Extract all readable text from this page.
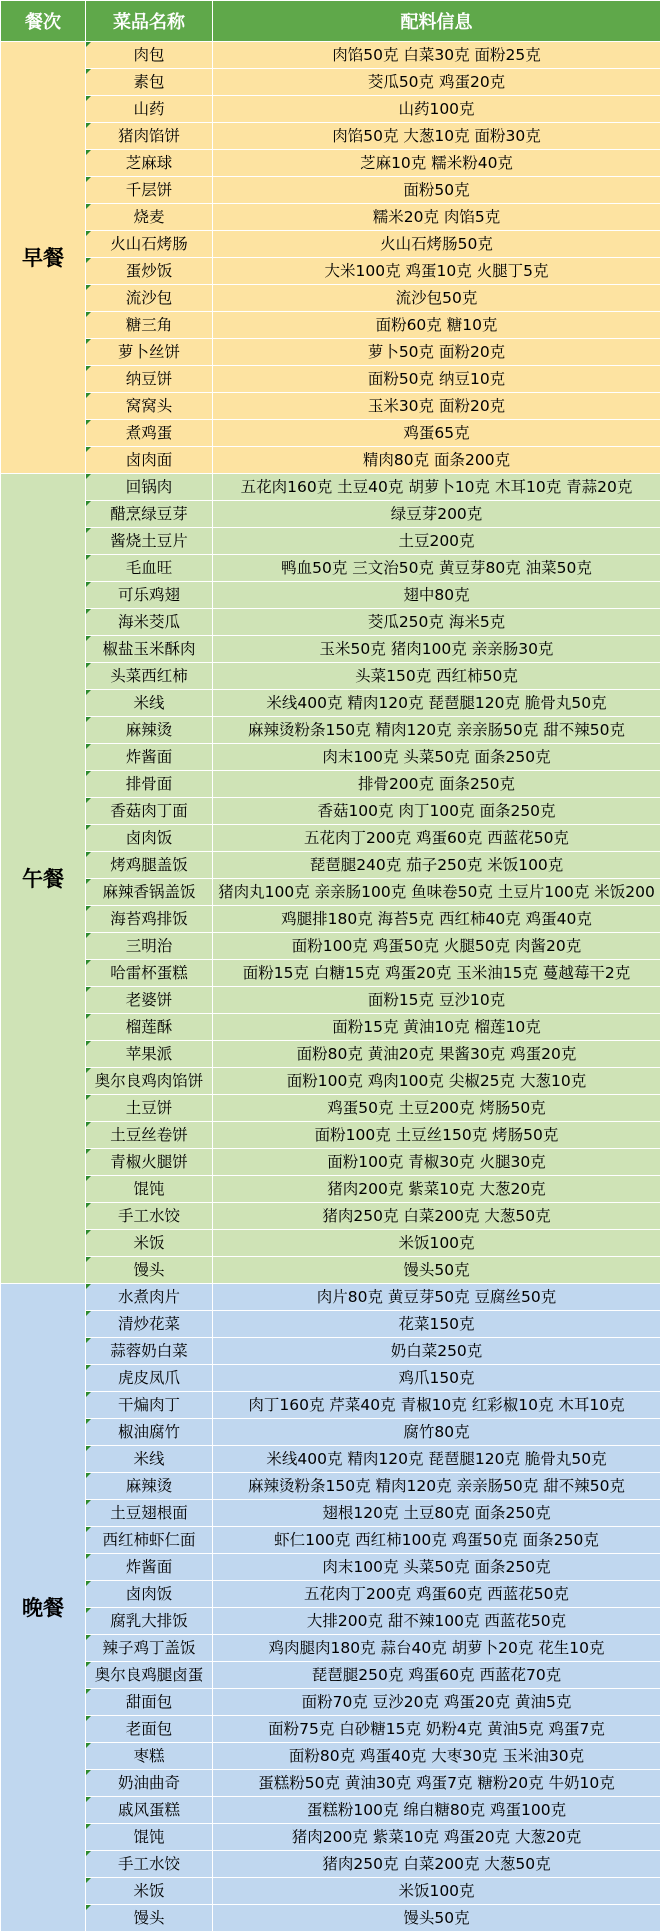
餐次	菜品名称	配料信息
早餐	肉包	肉馅50克 白菜30克 面粉25克
	素包	茭瓜50克 鸡蛋20克
	山药	山药100克
	猪肉馅饼	肉馅50克 大葱10克 面粉30克
	芝麻球	芝麻10克 糯米粉40克
	千层饼	面粉50克
	烧麦	糯米20克 肉馅5克
	火山石烤肠	火山石烤肠50克
	蛋炒饭	大米100克 鸡蛋10克 火腿丁5克
	流沙包	流沙包50克
	糖三角	面粉60克 糖10克
	萝卜丝饼	萝卜50克 面粉20克
	纳豆饼	面粉50克 纳豆10克
	窝窝头	玉米30克 面粉20克
	煮鸡蛋	鸡蛋65克
	卤肉面	精肉80克 面条200克
午餐	回锅肉	五花肉160克 土豆40克 胡萝卜10克 木耳10克 青蒜20克
	醋烹绿豆芽	绿豆芽200克
	酱烧土豆片	土豆200克
	毛血旺	鸭血50克 三文治50克 黄豆芽80克 油菜50克
	可乐鸡翅	翅中80克
	海米茭瓜	茭瓜250克 海米5克
	椒盐玉米酥肉	玉米50克 猪肉100克 亲亲肠30克
	头菜西红柿	头菜150克 西红柿50克
	米线	米线400克 精肉120克 琵琶腿120克 脆骨丸50克
	麻辣烫	麻辣烫粉条150克 精肉120克 亲亲肠50克 甜不辣50克
	炸酱面	肉末100克 头菜50克 面条250克
	排骨面	排骨200克 面条250克
	香菇肉丁面	香菇100克 肉丁100克 面条250克
	卤肉饭	五花肉丁200克 鸡蛋60克 西蓝花50克
	烤鸡腿盖饭	琵琶腿240克 茄子250克 米饭100克
	麻辣香锅盖饭	猪肉丸100克 亲亲肠100克 鱼味卷50克 土豆片100克 米饭200
	海苔鸡排饭	鸡腿排180克 海苔5克 西红柿40克 鸡蛋40克
	三明治	面粉100克 鸡蛋50克 火腿50克 肉酱20克
	哈雷杯蛋糕	面粉15克 白糖15克 鸡蛋20克 玉米油15克 蔓越莓干2克
	老婆饼	面粉15克 豆沙10克
	榴莲酥	面粉15克 黄油10克 榴莲10克
	苹果派	面粉80克 黄油20克 果酱30克 鸡蛋20克
	奥尔良鸡肉馅饼	面粉100克 鸡肉100克 尖椒25克 大葱10克
	土豆饼	鸡蛋50克 土豆200克 烤肠50克
	土豆丝卷饼	面粉100克 土豆丝150克 烤肠50克
	青椒火腿饼	面粉100克 青椒30克 火腿30克
	馄饨	猪肉200克 紫菜10克 大葱20克
	手工水饺	猪肉250克 白菜200克 大葱50克
	米饭	米饭100克
	馒头	馒头50克
晚餐	水煮肉片	肉片80克 黄豆芽50克 豆腐丝50克
	清炒花菜	花菜150克
	蒜蓉奶白菜	奶白菜250克
	虎皮凤爪	鸡爪150克
	干煸肉丁	肉丁160克 芹菜40克 青椒10克 红彩椒10克 木耳10克
	椒油腐竹	腐竹80克
	米线	米线400克 精肉120克 琵琶腿120克 脆骨丸50克
	麻辣烫	麻辣烫粉条150克 精肉120克 亲亲肠50克 甜不辣50克
	土豆翅根面	翅根120克 土豆80克 面条250克
	西红柿虾仁面	虾仁100克 西红柿100克 鸡蛋50克 面条250克
	炸酱面	肉末100克 头菜50克 面条250克
	卤肉饭	五花肉丁200克 鸡蛋60克 西蓝花50克
	腐乳大排饭	大排200克 甜不辣100克 西蓝花50克
	辣子鸡丁盖饭	鸡肉腿肉180克 蒜台40克 胡萝卜20克 花生10克
	奥尔良鸡腿卤蛋	琵琶腿250克 鸡蛋60克 西蓝花70克
	甜面包	面粉70克 豆沙20克 鸡蛋20克 黄油5克
	老面包	面粉75克 白砂糖15克 奶粉4克 黄油5克 鸡蛋7克
	枣糕	面粉80克 鸡蛋40克 大枣30克 玉米油30克
	奶油曲奇	蛋糕粉50克 黄油30克 鸡蛋7克 糖粉20克 牛奶10克
	戚风蛋糕	蛋糕粉100克 绵白糖80克 鸡蛋100克
	馄饨	猪肉200克 紫菜10克 鸡蛋20克 大葱20克
	手工水饺	猪肉250克 白菜200克 大葱50克
	米饭	米饭100克
	馒头	馒头50克
